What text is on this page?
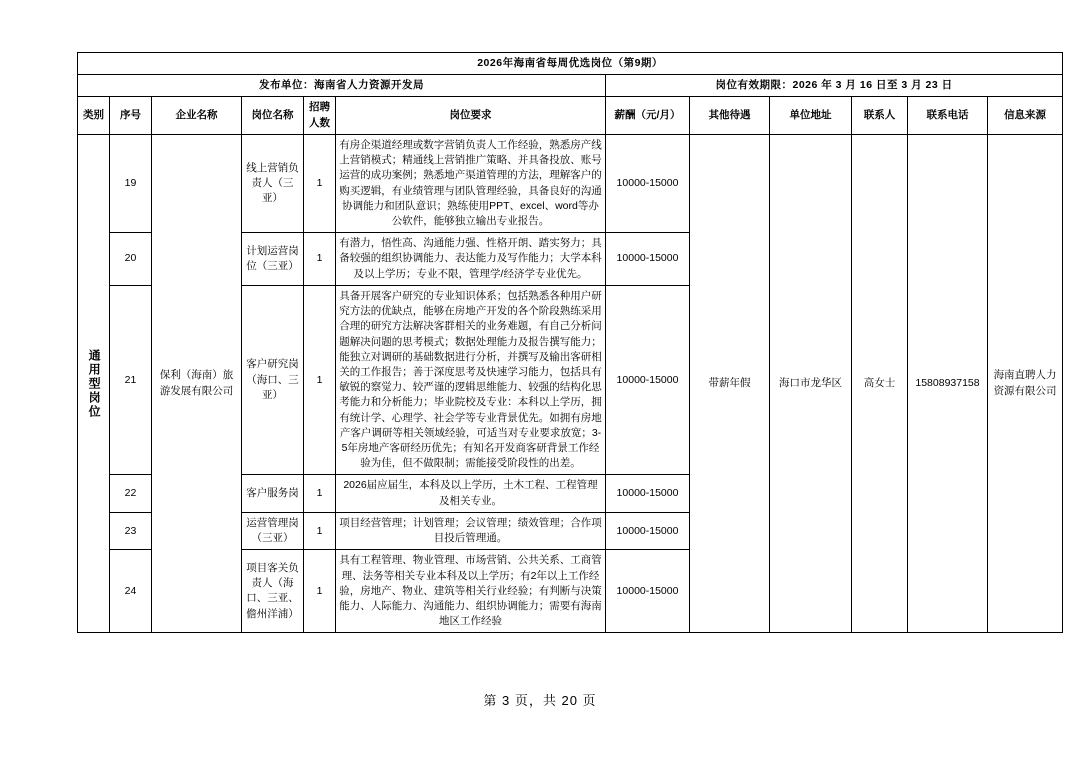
2026年海南省每周优选岗位（第9期）											
发布单位：海南省人力资源开发局						岗位有效期限：2026 年 3 月 16 日至 3 月 23 日					
类别	序号	企业名称	岗位名称	招聘人数	岗位要求	薪酬（元/月）	其他待遇	单位地址	联系人	联系电话	信息来源

通用型岗位	19	保利（海南）旅游发展有限公司	线上营销负责人（三亚）	1	有房企渠道经理或数字营销负责人工作经验，熟悉房产线上营销模式；精通线上营销推广策略、并具备投放、账号运营的成功案例；熟悉地产渠道管理的方法，理解客户的购买逻辑，有业绩管理与团队管理经验，具备良好的沟通协调能力和团队意识；熟练使用PPT、excel、word等办公软件，能够独立输出专业报告。	10000-15000	带薪年假	海口市龙华区	高女士	15808937158	海南直聘人力资源有限公司
	20		计划运营岗位（三亚）	1	有潜力，悟性高、沟通能力强、性格开朗、踏实努力；具备较强的组织协调能力、表达能力及写作能力；大学本科及以上学历；专业不限，管理学/经济学专业优先。	10000-15000					
	21		客户研究岗（海口、三亚）	1	具备开展客户研究的专业知识体系；包括熟悉各种用户研究方法的优缺点，能够在房地产开发的各个阶段熟练采用合理的研究方法解决客群相关的业务难题，有自己分析问题解决问题的思考模式；数据处理能力及报告撰写能力；能独立对调研的基础数据进行分析，并撰写及输出客研相关的工作报告；善于深度思考及快速学习能力，包括具有敏锐的察觉力、较严谨的逻辑思维能力、较强的结构化思考能力和分析能力；毕业院校及专业：本科以上学历，拥有统计学、心理学、社会学等专业背景优先。如拥有房地产客户调研等相关领域经验，可适当对专业要求放宽；3-5年房地产客研经历优先；有知名开发商客研背景工作经验为佳，但不做限制；需能接受阶段性的出差。	10000-15000					
	22		客户服务岗	1	2026届应届生，本科及以上学历，土木工程、工程管理及相关专业。	10000-15000					
	23		运营管理岗（三亚）	1	项目经营管理；计划管理；会议管理；绩效管理；合作项目投后管理通。	10000-15000					
	24		项目客关负责人（海口、三亚、儋州洋浦）	1	具有工程管理、物业管理、市场营销、公共关系、工商管理、法务等相关专业本科及以上学历；有2年以上工作经验，房地产、物业、建筑等相关行业经验；有判断与决策能力、人际能力、沟通能力、组织协调能力；需要有海南地区工作经验	10000-15000					
第 3 页，共 20 页
